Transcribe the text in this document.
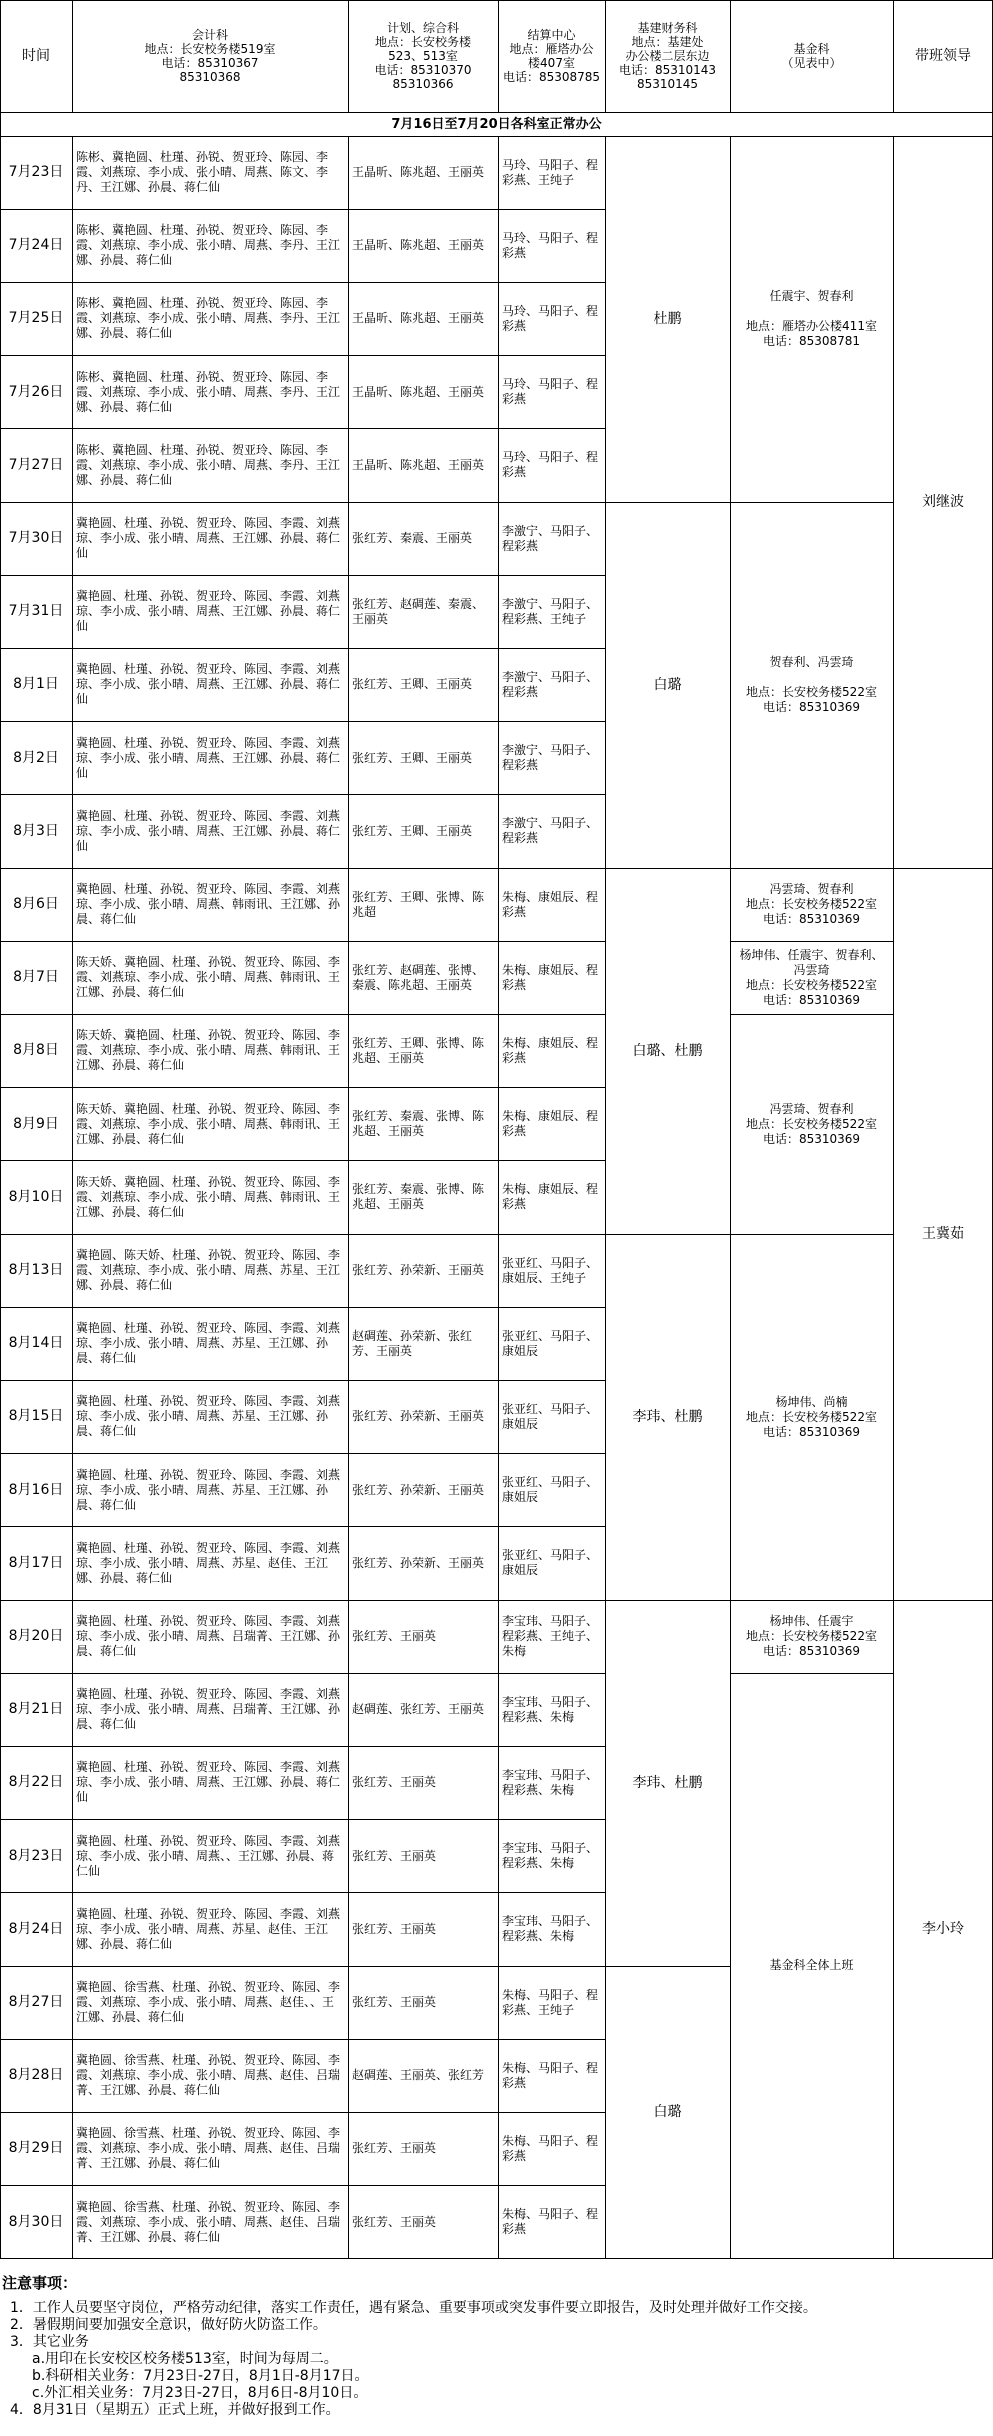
时间
会计科
地点：长安校务楼519室
电话：85310367
85310368
计划、综合科
地点：长安校务楼
523、513室
电话：85310370
85310366
结算中心
地点：雁塔办公
楼407室
电话：85308785
基建财务科
地点：基建处
办公楼二层东边
电话：85310143
85310145
基金科
（见表中）	带班领导
7月16日至7月20日各科室正常办公
7月23日
陈彬、冀艳圆、杜瑾、孙锐、贺亚玲、陈园、李霞、刘燕琼、李小成、张小晴、周燕、陈文、李丹、王江娜、孙晨、蒋仁仙
王晶昕、陈兆超、王丽英
马玲、马阳子、程彩燕、王纯子
7月24日
陈彬、冀艳圆、杜瑾、孙锐、贺亚玲、陈园、李霞、刘燕琼、李小成、张小晴、周燕、李丹、王江娜、孙晨、蒋仁仙
王晶昕、陈兆超、王丽英
马玲、马阳子、程彩燕
7月25日
陈彬、冀艳圆、杜瑾、孙锐、贺亚玲、陈园、李霞、刘燕琼、李小成、张小晴、周燕、李丹、王江娜、孙晨、蒋仁仙
王晶昕、陈兆超、王丽英
马玲、马阳子、程彩燕
7月26日
陈彬、冀艳圆、杜瑾、孙锐、贺亚玲、陈园、李霞、刘燕琼、李小成、张小晴、周燕、李丹、王江娜、孙晨、蒋仁仙
王晶昕、陈兆超、王丽英
马玲、马阳子、程彩燕
7月27日
陈彬、冀艳圆、杜瑾、孙锐、贺亚玲、陈园、李霞、刘燕琼、李小成、张小晴、周燕、李丹、王江娜、孙晨、蒋仁仙
王晶昕、陈兆超、王丽英
马玲、马阳子、程彩燕
7月30日
冀艳圆、杜瑾、孙锐、贺亚玲、陈园、李霞、刘燕琼、李小成、张小晴、周燕、王江娜、孙晨、蒋仁仙
张红芳、秦震、王丽英
李激宁、马阳子、程彩燕
7月31日
冀艳圆、杜瑾、孙锐、贺亚玲、陈园、李霞、刘燕琼、李小成、张小晴、周燕、王江娜、孙晨、蒋仁仙
张红芳、赵碉莲、秦震、王丽英
李激宁、马阳子、程彩燕、王纯子
8月1日
冀艳圆、杜瑾、孙锐、贺亚玲、陈园、李霞、刘燕琼、李小成、张小晴、周燕、王江娜、孙晨、蒋仁仙
张红芳、王卿、王丽英
李激宁、马阳子、程彩燕
8月2日
冀艳圆、杜瑾、孙锐、贺亚玲、陈园、李霞、刘燕琼、李小成、张小晴、周燕、王江娜、孙晨、蒋仁仙
张红芳、王卿、王丽英
李激宁、马阳子、程彩燕
8月3日
冀艳圆、杜瑾、孙锐、贺亚玲、陈园、李霞、刘燕琼、李小成、张小晴、周燕、王江娜、孙晨、蒋仁仙
张红芳、王卿、王丽英
李激宁、马阳子、程彩燕
8月6日
冀艳圆、杜瑾、孙锐、贺亚玲、陈园、李霞、刘燕琼、李小成、张小晴、周燕、韩雨讯、王江娜、孙晨、蒋仁仙
张红芳、王卿、张博、陈兆超
朱梅、康姐辰、程彩燕
8月7日
陈天娇、冀艳圆、杜瑾、孙锐、贺亚玲、陈园、李霞、刘燕琼、李小成、张小晴、周燕、韩雨讯、王江娜、孙晨、蒋仁仙
张红芳、赵碉莲、张博、秦震、陈兆超、王丽英
朱梅、康姐辰、程彩燕
8月8日
陈天娇、冀艳圆、杜瑾、孙锐、贺亚玲、陈园、李霞、刘燕琼、李小成、张小晴、周燕、韩雨讯、王江娜、孙晨、蒋仁仙
张红芳、王卿、张博、陈兆超、王丽英
朱梅、康姐辰、程彩燕
8月9日
陈天娇、冀艳圆、杜瑾、孙锐、贺亚玲、陈园、李霞、刘燕琼、李小成、张小晴、周燕、韩雨讯、王江娜、孙晨、蒋仁仙
张红芳、秦震、张博、陈兆超、王丽英
朱梅、康姐辰、程彩燕
8月10日
陈天娇、冀艳圆、杜瑾、孙锐、贺亚玲、陈园、李霞、刘燕琼、李小成、张小晴、周燕、韩雨讯、王江娜、孙晨、蒋仁仙
张红芳、秦震、张博、陈兆超、王丽英
朱梅、康姐辰、程彩燕
8月13日
冀艳圆、陈天娇、杜瑾、孙锐、贺亚玲、陈园、李霞、刘燕琼、李小成、张小晴、周燕、苏星、王江娜、孙晨、蒋仁仙
张红芳、孙荣新、王丽英
张亚红、马阳子、康姐辰、王纯子
8月14日
冀艳圆、杜瑾、孙锐、贺亚玲、陈园、李霞、刘燕琼、李小成、张小晴、周燕、苏星、王江娜、孙晨、蒋仁仙
赵碉莲、孙荣新、张红芳、王丽英
张亚红、马阳子、康姐辰
8月15日
冀艳圆、杜瑾、孙锐、贺亚玲、陈园、李霞、刘燕琼、李小成、张小晴、周燕、苏星、王江娜、孙晨、蒋仁仙
张红芳、孙荣新、王丽英
张亚红、马阳子、康姐辰
8月16日
冀艳圆、杜瑾、孙锐、贺亚玲、陈园、李霞、刘燕琼、李小成、张小晴、周燕、苏星、王江娜、孙晨、蒋仁仙
张红芳、孙荣新、王丽英
张亚红、马阳子、康姐辰
8月17日
冀艳圆、杜瑾、孙锐、贺亚玲、陈园、李霞、刘燕琼、李小成、张小晴、周燕、苏星、赵佳、王江娜、孙晨、蒋仁仙
张红芳、孙荣新、王丽英
张亚红、马阳子、康姐辰
8月20日
冀艳圆、杜瑾、孙锐、贺亚玲、陈园、李霞、刘燕琼、李小成、张小晴、周燕、吕瑞菁、王江娜、孙晨、蒋仁仙
张红芳、王丽英
李宝玮、马阳子、程彩燕、王纯子、朱梅
8月21日
冀艳圆、杜瑾、孙锐、贺亚玲、陈园、李霞、刘燕琼、李小成、张小晴、周燕、吕瑞菁、王江娜、孙晨、蒋仁仙
赵碉莲、张红芳、王丽英
李宝玮、马阳子、程彩燕、朱梅
8月22日
冀艳圆、杜瑾、孙锐、贺亚玲、陈园、李霞、刘燕琼、李小成、张小晴、周燕、王江娜、孙晨、蒋仁仙
张红芳、王丽英
李宝玮、马阳子、程彩燕、朱梅
8月23日
冀艳圆、杜瑾、孙锐、贺亚玲、陈园、李霞、刘燕琼、李小成、张小晴、周燕、、王江娜、孙晨、蒋仁仙
张红芳、王丽英
李宝玮、马阳子、程彩燕、朱梅
8月24日
冀艳圆、杜瑾、孙锐、贺亚玲、陈园、李霞、刘燕琼、李小成、张小晴、周燕、苏星、赵佳、王江娜、孙晨、蒋仁仙
张红芳、王丽英
李宝玮、马阳子、程彩燕、朱梅
8月27日
冀艳圆、徐雪燕、杜瑾、孙锐、贺亚玲、陈园、李霞、刘燕琼、李小成、张小晴、周燕、赵佳、、王江娜、孙晨、蒋仁仙
张红芳、王丽英
朱梅、马阳子、程彩燕、王纯子
8月28日
冀艳圆、徐雪燕、杜瑾、孙锐、贺亚玲、陈园、李霞、刘燕琼、李小成、张小晴、周燕、赵佳、吕瑞菁、王江娜、孙晨、蒋仁仙
赵碉莲、王丽英、张红芳
朱梅、马阳子、程彩燕
8月29日
冀艳圆、徐雪燕、杜瑾、孙锐、贺亚玲、陈园、李霞、刘燕琼、李小成、张小晴、周燕、赵佳、吕瑞菁、王江娜、孙晨、蒋仁仙
张红芳、王丽英
朱梅、马阳子、程彩燕
8月30日
冀艳圆、徐雪燕、杜瑾、孙锐、贺亚玲、陈园、李霞、刘燕琼、李小成、张小晴、周燕、赵佳、吕瑞菁、王江娜、孙晨、蒋仁仙
张红芳、王丽英
朱梅、马阳子、程彩燕
杜鹏
白璐
白璐、杜鹏
李玮、杜鹏
李玮、杜鹏
白璐
任震宇、贺春利

地点：雁塔办公楼411室
电话：85308781
贺春利、冯雲琦

地点：长安校务楼522室
电话：85310369
冯雲琦、贺春利
地点：长安校务楼522室
电话：85310369
杨坤伟、任震宇、贺春利、冯雲琦
地点：长安校务楼522室
电话：85310369
冯雲琦、贺春利
地点：长安校务楼522室
电话：85310369
杨坤伟、尚楠
地点：长安校务楼522室
电话：85310369
杨坤伟、任震宇
地点：长安校务楼522室
电话：85310369
基金科全体上班
刘继波
王冀茹
李小玲
注意事项：
1．工作人员要坚守岗位，严格劳动纪律，落实工作责任，遇有紧急、重要事项或突发事件要立即报告，及时处理并做好工作交接。
2．暑假期间要加强安全意识，做好防火防盗工作。
3．其它业务
a.用印在长安校区校务楼513室，时间为每周二。
b.科研相关业务：7月23日-27日，8月1日-8月17日。
c.外汇相关业务：7月23日-27日，8月6日-8月10日。
4．8月31日（星期五）正式上班，并做好报到工作。
